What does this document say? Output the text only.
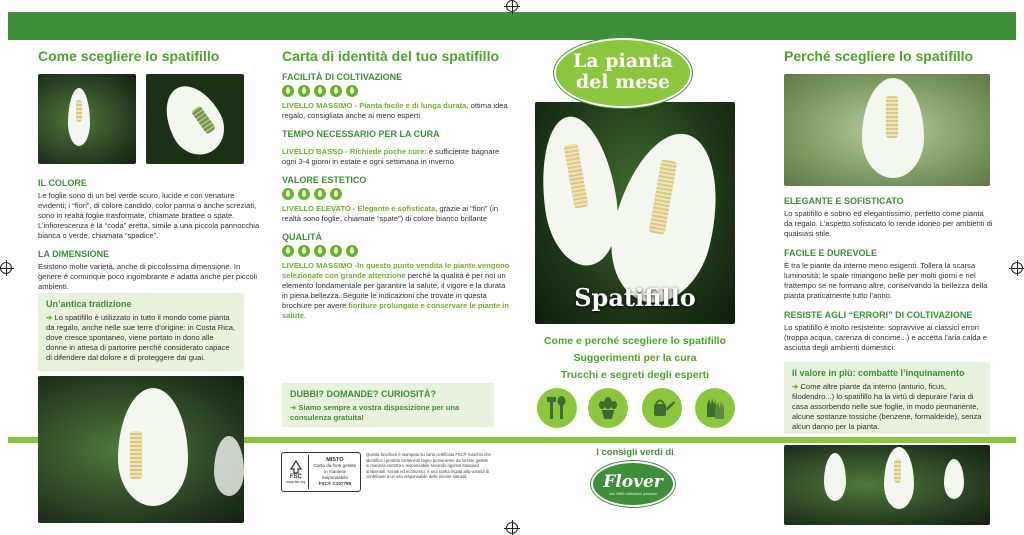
Come scegliere lo spatifillo
IL COLORE

Le foglie sono di un bel verde scuro, lucide e con venature evidenti; i “fiori”, di colore candido, color panna o anche screziati, sono in realtà foglie trasformate, chiamate brattee o spate. L’infiorescenza è la “coda” eretta, simile a una piccola pannocchia bianca o verde, chiamata “spadice”.

LA DIMENSIONE

Esistono molte varietà, anche di piccolissima dimensione. In genere è comunque poco ingombrante e adatta anche per piccoli ambienti.

Un’antica tradizione

➔ Lo spatifillo è utilizzato in tutto il mondo come pianta da regalo, anche nelle sue terre d’origine: in Costa Rica, dove cresce spontaneo, viene portato in dono alle donne in attesa di partorire perché considerato capace di difendere dal dolore e di proteggere dai guai.

Carta di identità del tuo spatifillo
FACILITÀ DI COLTIVAZIONE

LIVELLO MASSIMO - Pianta facile e di lunga durata, ottima idea regalo, consigliata anche ai meno esperti

TEMPO NECESSARIO PER LA CURA

LIVELLO BASSO - Richiede poche cure: è sufficiente bagnare ogni 3-4 giorni in estate e ogni settimana in inverno

VALORE ESTETICO

LIVELLO ELEVATO - Elegante e sofisticata, grazie ai “fiori” (in realtà sono foglie, chiamate “spate”) di colore bianco brillante

QUALITÀ

LIVELLO MASSIMO -In questo punto vendita le piante vengono selezionate con grande attenzione perché la qualità è per noi un elemento fondamentale per garantire la salute, il vigore e la durata in piena bellezza. Seguite le indicazioni che trovate in questa brochure per avere fioriture prolungate e conservare le piante in salute.

DUBBI? DOMANDE? CURIOSITÀ?

➔ Siamo sempre a vostra disposizione per una consulenza gratuita!

La pianta
del mese
Spatifillo
Come e perché scegliere lo spatifillo
Suggerimenti per la cura
Trucchi e segreti degli esperti
I consigli verdi di
Flover
Dal 1980 coltiviamo passioni
FSC
www.fsc.org
MISTO
Carta da fonti gestite
in maniera responsabile
FSC® C107795
Questa brochure è stampata su carta certificata FSC® marchio che identifica i prodotti contenenti legno proveniente da foreste gestite in maniera corretta e responsabile secondo rigorosi standard ambientali, sociali ed economici: è una scelta legata alla volontà di contribuire a un uso responsabile delle risorse naturali.
Perché scegliere lo spatifillo
ELEGANTE E SOFISTICATO

Lo spatifillo è sobrio ed elegantissimo, perfetto come pianta da regalo. L’aspetto sofisticato lo rende idoneo per ambienti di qualsiasi stile.

FACILE E DUREVOLE

È tra le piante da interno meno esigenti. Tollera la scarsa luminosità; le spate rimangono belle per molti giorni e nel frattempo se ne formano altre, conservando la bellezza della pianta praticamente tutto l’anno.

RESISTE AGLI “ERRORI” DI COLTIVAZIONE

Lo spatifillo è molto resistente: sopravvive ai classici errori (troppa acqua, carenza di concime...) e accetta l’aria calda e asciutta degli ambienti domestici.

Il valore in più: combatte l’inquinamento

➔ Come altre piante da interno (anturio, ficus, filodendro...) lo spatifillo ha la virtù di depurare l’aria di casa assorbendo nelle sue foglie, in modo permanente, alcune sostanze tossiche (benzene, formaldeide), senza alcun danno per la pianta.
